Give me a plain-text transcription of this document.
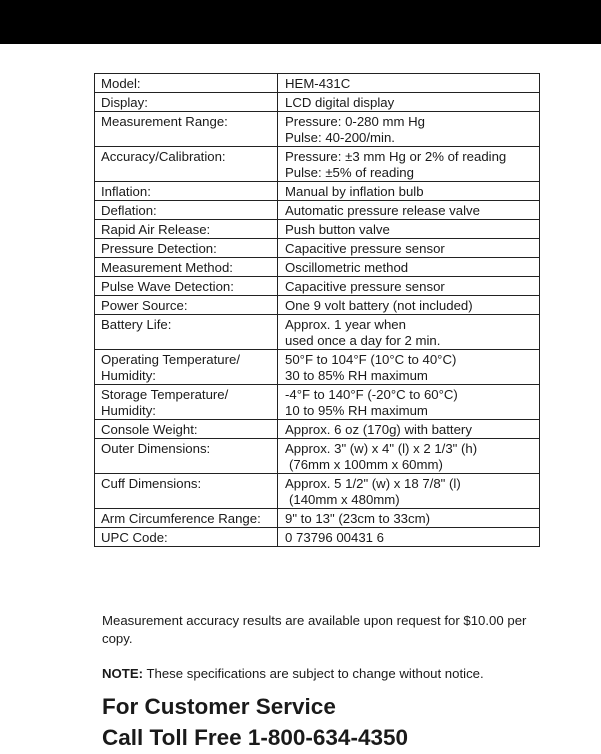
Model:	HEM-431C

Display:	LCD digital display

Measurement Range:	Pressure: 0-280 mm Hg
Pulse: 40-200/min.

Accuracy/Calibration:	Pressure: ±3 mm Hg or 2% of reading
Pulse: ±5% of reading

Inflation:	Manual by inflation bulb

Deflation:	Automatic pressure release valve

Rapid Air Release:	Push button valve

Pressure Detection:	Capacitive pressure sensor

Measurement Method:	Oscillometric method

Pulse Wave Detection:	Capacitive pressure sensor

Power Source:	One 9 volt battery (not included)

Battery Life:	Approx. 1 year when
used once a day for 2 min.

Operating Temperature/
Humidity:	50°F to 104°F (10°C to 40°C)
30 to 85% RH maximum

Storage Temperature/
Humidity:	-4°F to 140°F (-20°C to 60°C)
10 to 95% RH maximum

Console Weight:	Approx. 6 oz (170g) with battery

Outer Dimensions:	Approx. 3" (w) x 4" (l) x 2 1/3" (h)
(76mm x 100mm x 60mm)

Cuff Dimensions:	Approx. 5 1/2" (w) x 18 7/8" (l)
(140mm x 480mm)

Arm Circumference Range:	9" to 13" (23cm to 33cm)

UPC Code:	0 73796 00431 6
Measurement accuracy results are available upon request for $10.00 per copy.
NOTE: These specifications are subject to change without notice.
For Customer Service
Call Toll Free 1-800-634-4350
